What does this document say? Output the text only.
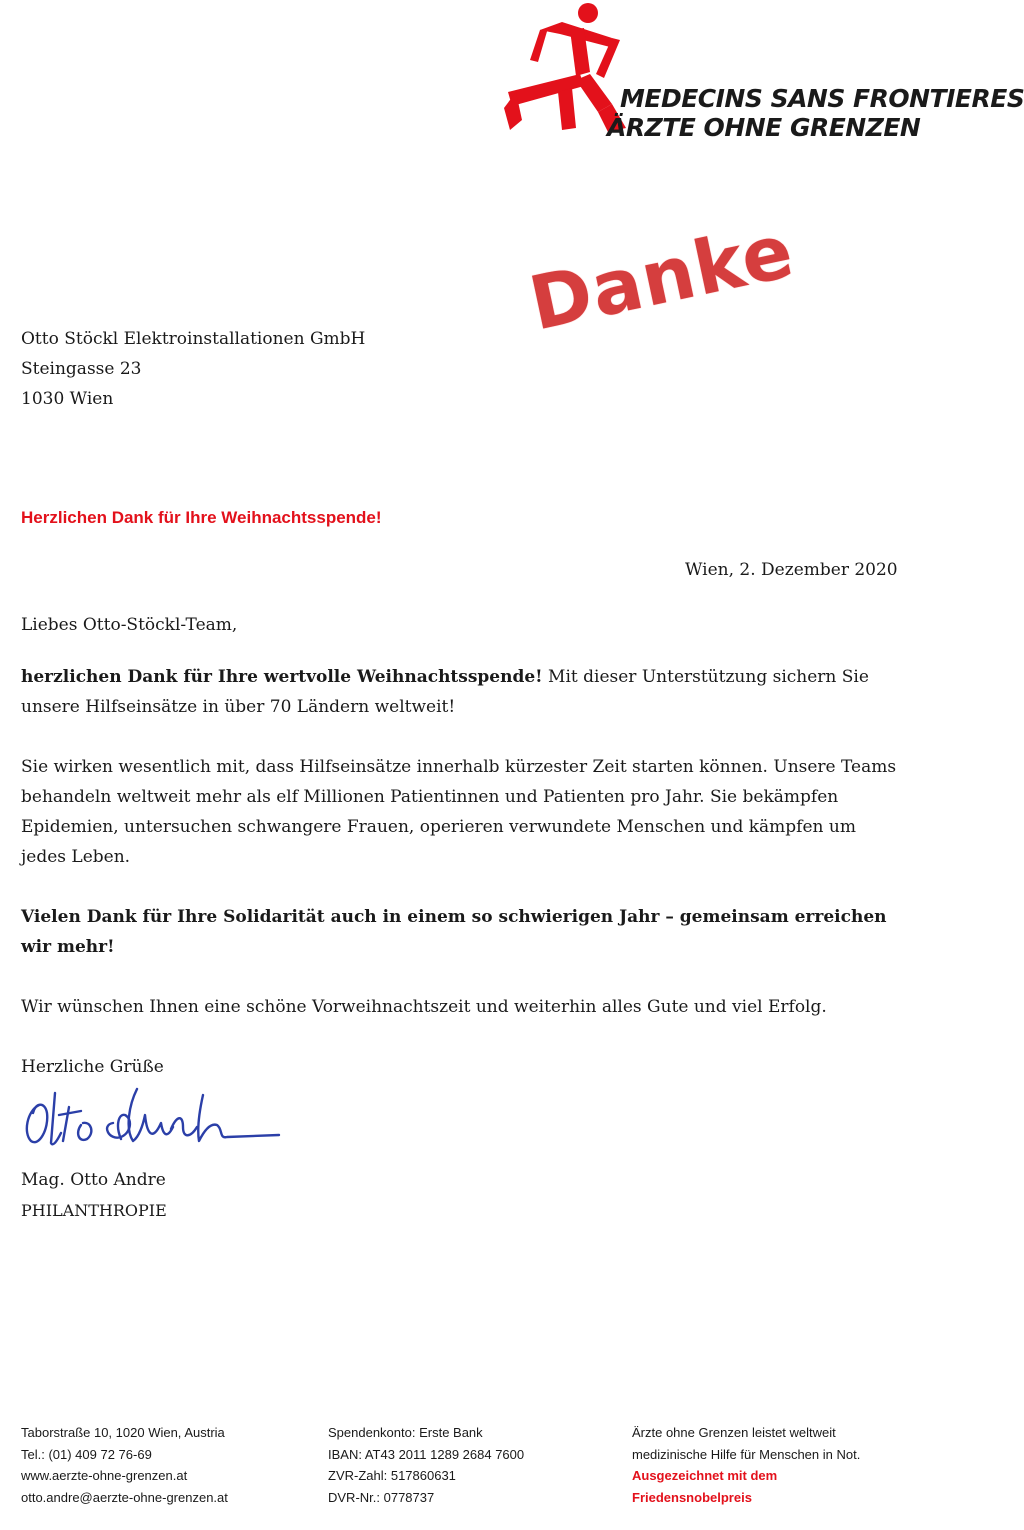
MEDECINS SANS FRONTIERES
ÄRZTE OHNE GRENZEN
Otto Stöckl Elektroinstallationen GmbH
Steingasse 23
1030 Wien
Danke
Herzlichen Dank für Ihre Weihnachtsspende!
Wien, 2. Dezember 2020
Liebes Otto-Stöckl-Team,
herzlichen Dank für Ihre wertvolle Weihnachtsspende! Mit dieser Unterstützung sichern Sie unsere Hilfseinsätze in über 70 Ländern weltweit!
Sie wirken wesentlich mit, dass Hilfseinsätze innerhalb kürzester Zeit starten können. Unsere Teams behandeln weltweit mehr als elf Millionen Patientinnen und Patienten pro Jahr. Sie bekämpfen Epidemien, untersuchen schwangere Frauen, operieren verwundete Menschen und kämpfen um jedes Leben.
Vielen Dank für Ihre Solidarität auch in einem so schwierigen Jahr – gemeinsam erreichen wir mehr!
Wir wünschen Ihnen eine schöne Vorweihnachtszeit und weiterhin alles Gute und viel Erfolg.
Herzliche Grüße
Mag. Otto Andre
PHILANTHROPIE
Taborstraße 10, 1020 Wien, Austria
Tel.: (01) 409 72 76-69
www.aerzte-ohne-grenzen.at
otto.andre@aerzte-ohne-grenzen.at
Spendenkonto: Erste Bank
IBAN: AT43 2011 1289 2684 7600
ZVR-Zahl: 517860631
DVR-Nr.: 0778737
Ärzte ohne Grenzen leistet weltweit
medizinische Hilfe für Menschen in Not.
Ausgezeichnet mit dem
Friedensnobelpreis
